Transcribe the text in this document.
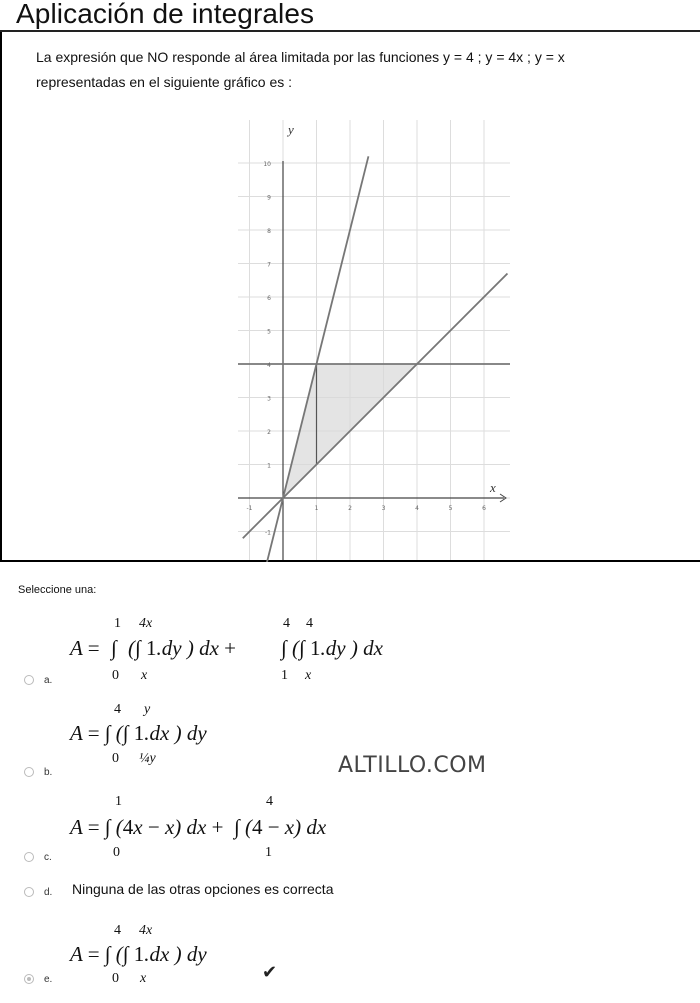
Aplicación de integrales
La expresión que NO responde al área limitada por las funciones y = 4 ; y = 4x ; y = x
representadas en el siguiente gráfico es :
y
x
10
9
8
7
6
5
4
3
2
1
-1
-1	1	2	3	4	5	6
Seleccione una:
a.
A =
1
∫
0
4x
(∫ 1.dy ) dx +
x
4 4
∫ (∫ 1.dy ) dx
1 x
b.
4 y
A = ∫ (∫ 1.dx ) dy
0 ¼y	ALTILLO.COM
c.
1	4
A = ∫ (4x − x) dx +  ∫ (4 − x) dx
0	1
d. Ninguna de las otras opciones es correcta
e.
4 4x
A = ∫ (∫ 1.dx ) dy
0 x	✔
